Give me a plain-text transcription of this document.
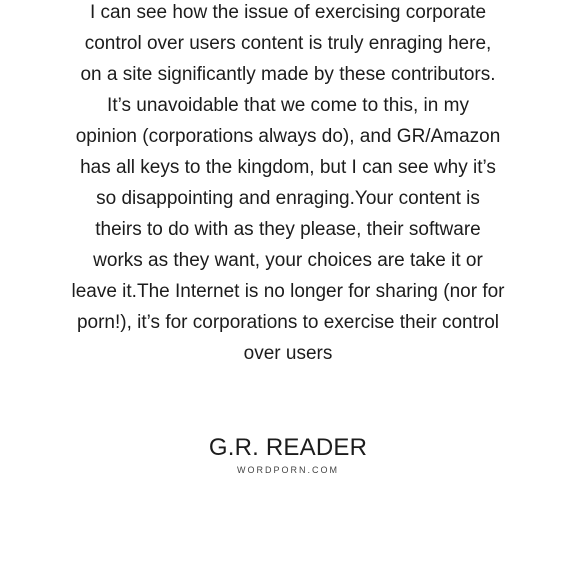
I can see how the issue of exercising corporate
control over users content is truly enraging here,
on a site significantly made by these contributors.
It’s unavoidable that we come to this, in my
opinion (corporations always do), and GR/Amazon
has all keys to the kingdom, but I can see why it’s
so disappointing and enraging.Your content is
theirs to do with as they please, their software
works as they want, your choices are take it or
leave it.The Internet is no longer for sharing (nor for
porn!), it’s for corporations to exercise their control
over users

G.R. READER
WORDPORN.COM
